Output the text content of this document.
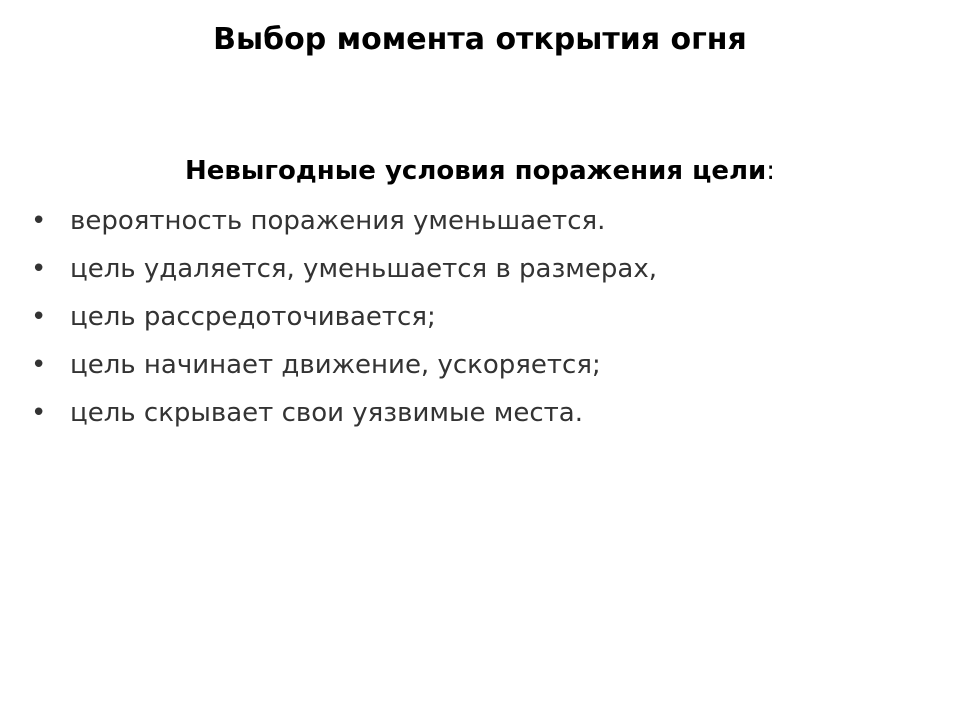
Выбор момента открытия огня
Невыгодные условия поражения цели:
• вероятность поражения уменьшается.
• цель удаляется, уменьшается в размерах,
• цель рассредоточивается;
• цель начинает движение, ускоряется;
• цель скрывает свои уязвимые места.
